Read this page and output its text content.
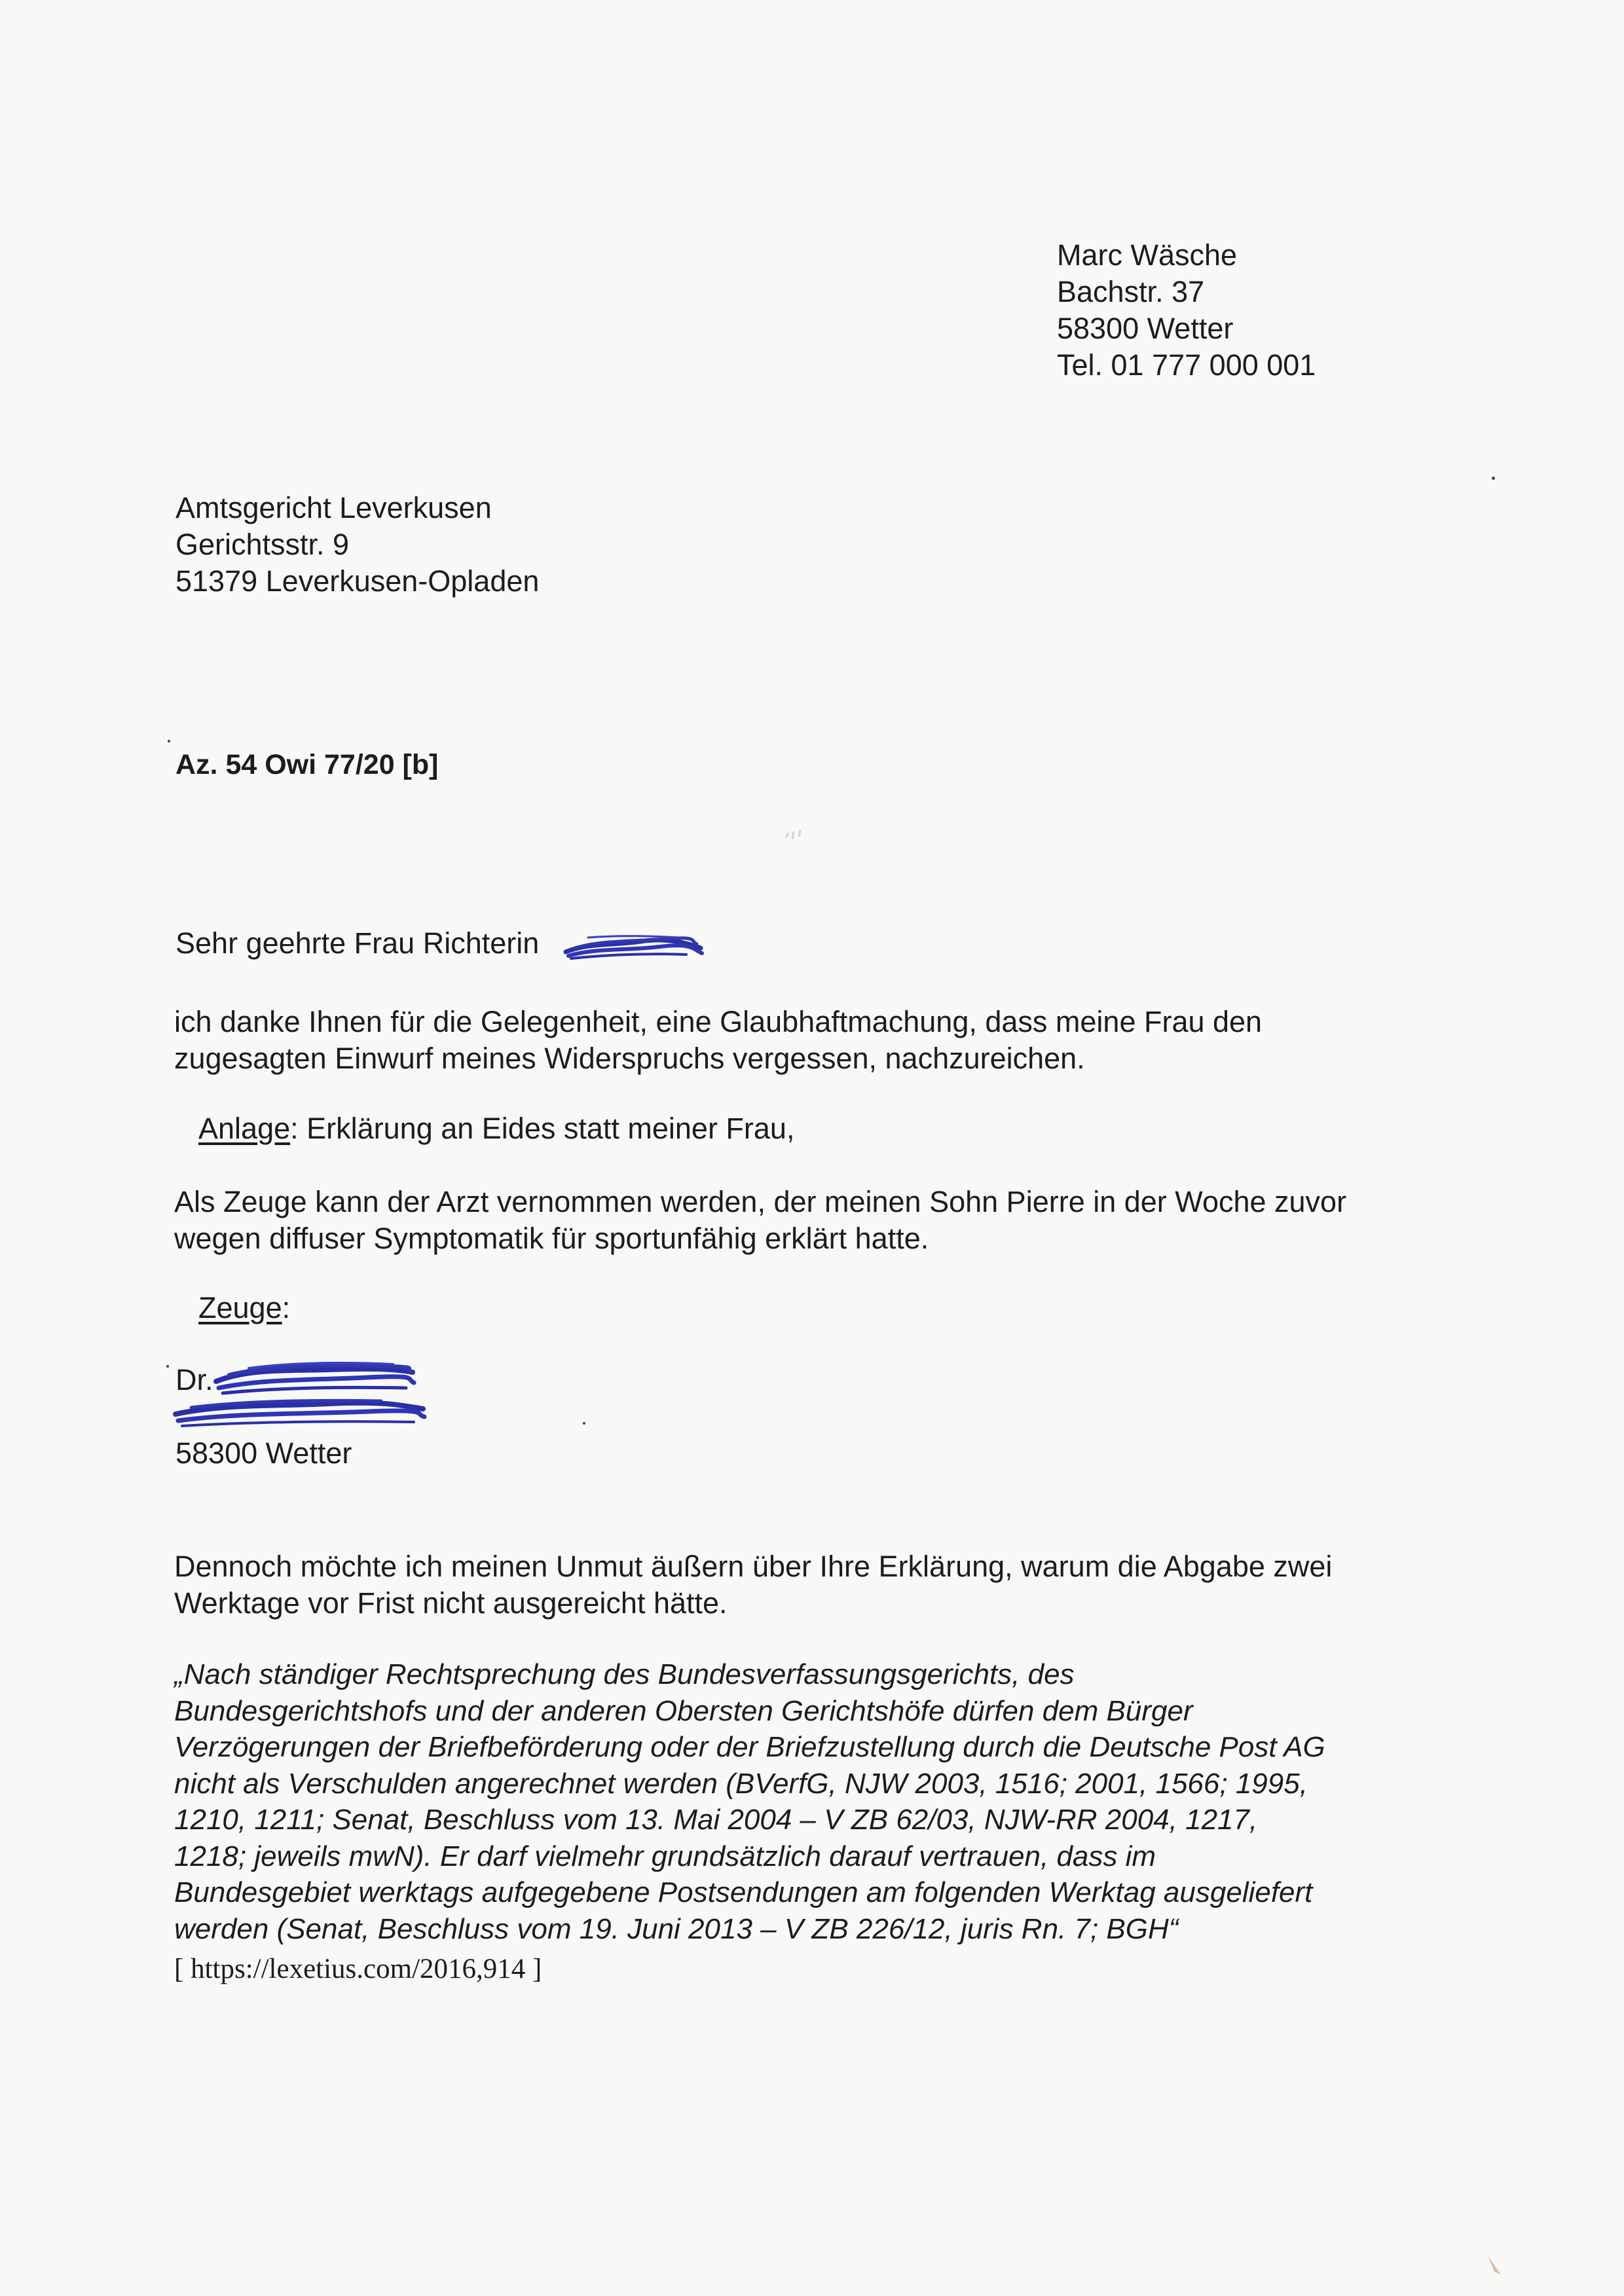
Marc Wäsche
Bachstr. 37
58300 Wetter
Tel. 01 777 000 001
Amtsgericht Leverkusen
Gerichtsstr. 9
51379 Leverkusen-Opladen
Az. 54 Owi 77/20 [b]
Sehr geehrte Frau Richterin
ich danke Ihnen für die Gelegenheit, eine Glaubhaftmachung, dass meine Frau den
zugesagten Einwurf meines Widerspruchs vergessen, nachzureichen.
Anlage: Erklärung an Eides statt meiner Frau,
Als Zeuge kann der Arzt vernommen werden, der meinen Sohn Pierre in der Woche zuvor
wegen diffuser Symptomatik für sportunfähig erklärt hatte.
Zeuge:
Dr.
58300 Wetter
Dennoch möchte ich meinen Unmut äußern über Ihre Erklärung, warum die Abgabe zwei
Werktage vor Frist nicht ausgereicht hätte.
„Nach ständiger Rechtsprechung des Bundesverfassungsgerichts, des
Bundesgerichtshofs und der anderen Obersten Gerichtshöfe dürfen dem Bürger
Verzögerungen der Briefbeförderung oder der Briefzustellung durch die Deutsche Post AG
nicht als Verschulden angerechnet werden (BVerfG, NJW 2003, 1516; 2001, 1566; 1995,
1210, 1211; Senat, Beschluss vom 13. Mai 2004 – V ZB 62/03, NJW-RR 2004, 1217,
1218; jeweils mwN). Er darf vielmehr grundsätzlich darauf vertrauen, dass im
Bundesgebiet werktags aufgegebene Postsendungen am folgenden Werktag ausgeliefert
werden (Senat, Beschluss vom 19. Juni 2013 – V ZB 226/12, juris Rn. 7; BGH“
[ https://lexetius.com/2016,914 ]
